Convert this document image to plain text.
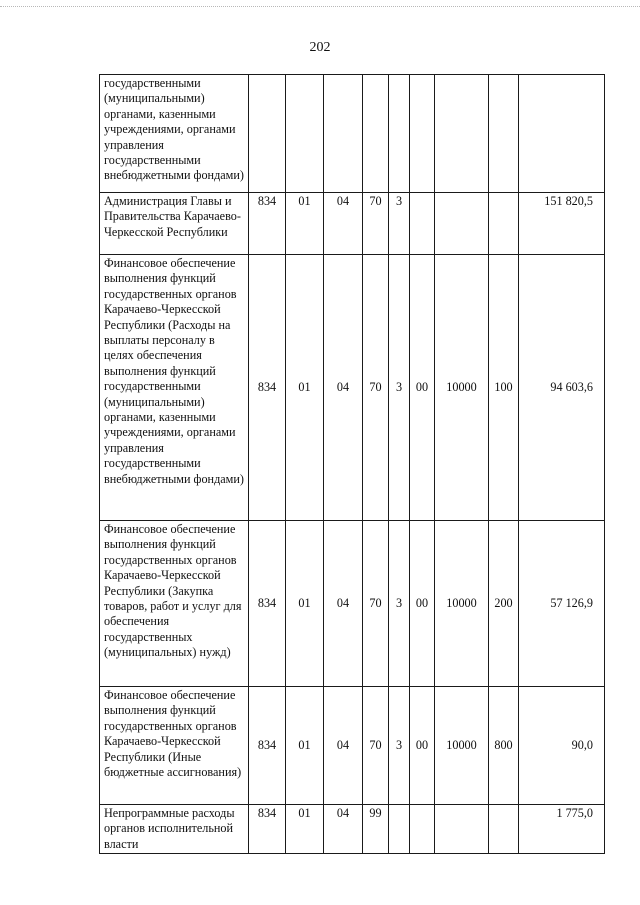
202
государственными (муниципальными) органами, казенными учреждениями, органами управления государственными внебюджетными фондами)									
Администрация Главы и Правительства Карачаево-Черкесской Республики	834	01	04	70	3				151 820,5
Финансовое обеспечение выполнения функций государственных органов Карачаево-Черкесской Республики (Расходы на выплаты персоналу в целях обеспечения выполнения функций государственными (муниципальными) органами, казенными учреждениями, органами управления государственными внебюджетными фондами)	834	01	04	70	3	00	10000	100	94 603,6
Финансовое обеспечение выполнения функций государственных органов Карачаево-Черкесской Республики (Закупка товаров, работ и услуг для обеспечения государственных (муниципальных) нужд)	834	01	04	70	3	00	10000	200	57 126,9
Финансовое обеспечение выполнения функций государственных органов Карачаево-Черкесской Республики (Иные бюджетные ассигнования)	834	01	04	70	3	00	10000	800	90,0
Непрограммные расходы органов исполнительной власти	834	01	04	99					1 775,0
